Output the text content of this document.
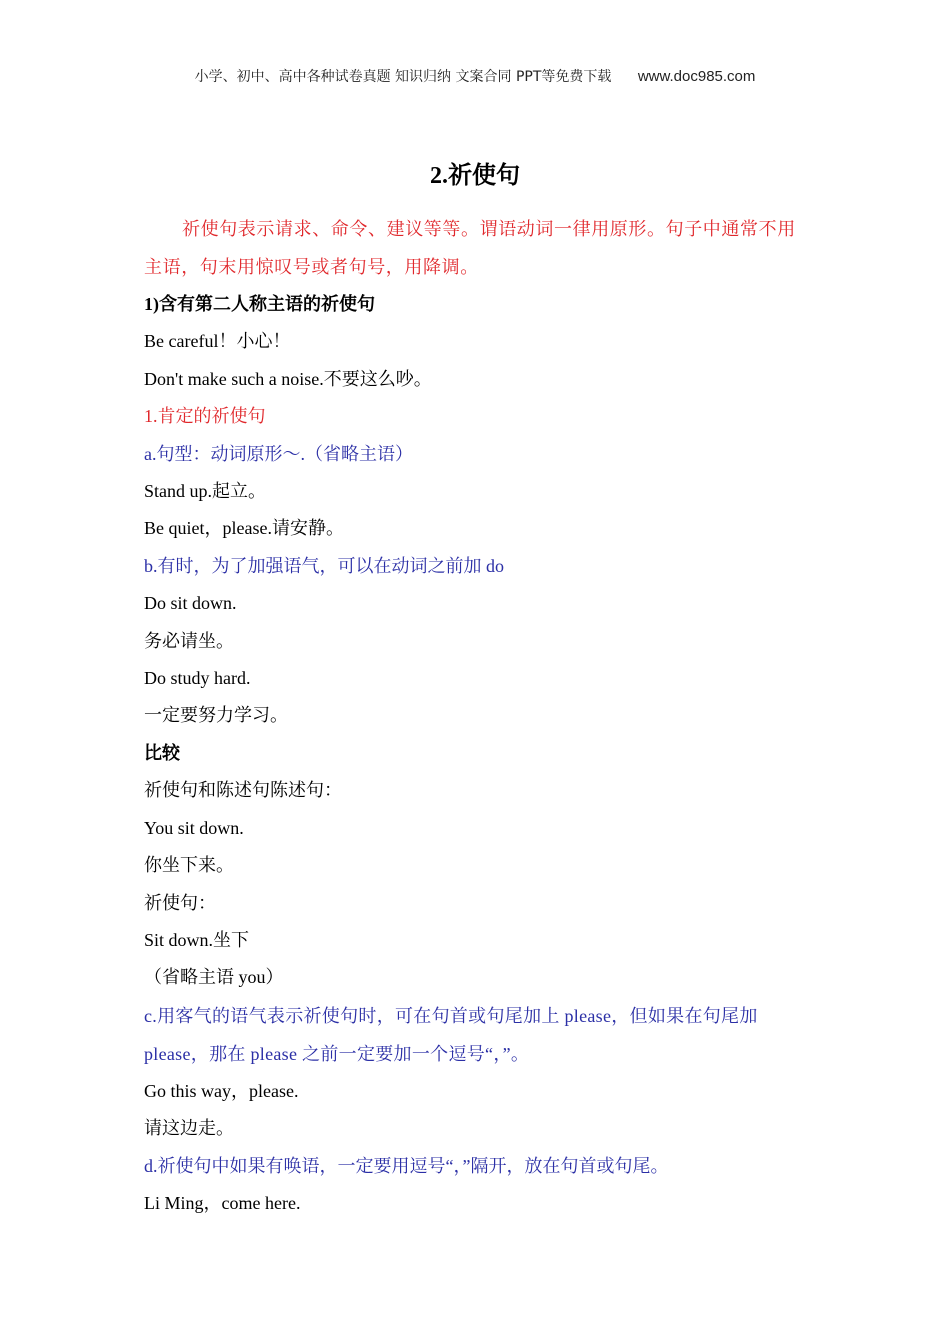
小学、初中、高中各种试卷真题 知识归纳 文案合同 PPT等免费下载 www.doc985.com
2.祈使句
祈使句表示请求、命令、建议等等。谓语动词一律用原形。句子中通常不用主语，句末用惊叹号或者句号，用降调。
1)含有第二人称主语的祈使句
Be careful！小心！
Don't make such a noise.不要这么吵。
1.肯定的祈使句
a.句型：动词原形～.（省略主语）
Stand up.起立。
Be quiet，please.请安静。
b.有时，为了加强语气，可以在动词之前加 do
Do sit down.
务必请坐。
Do study hard.
一定要努力学习。
比较
祈使句和陈述句陈述句：
You sit down.
你坐下来。
祈使句：
Sit down.坐下
（省略主语 you）
c.用客气的语气表示祈使句时，可在句首或句尾加上 please，但如果在句尾加please，那在 please 之前一定要加一个逗号“，”。
Go this way，please.
请这边走。
d.祈使句中如果有唤语，一定要用逗号“，”隔开，放在句首或句尾。
Li Ming，come here.
